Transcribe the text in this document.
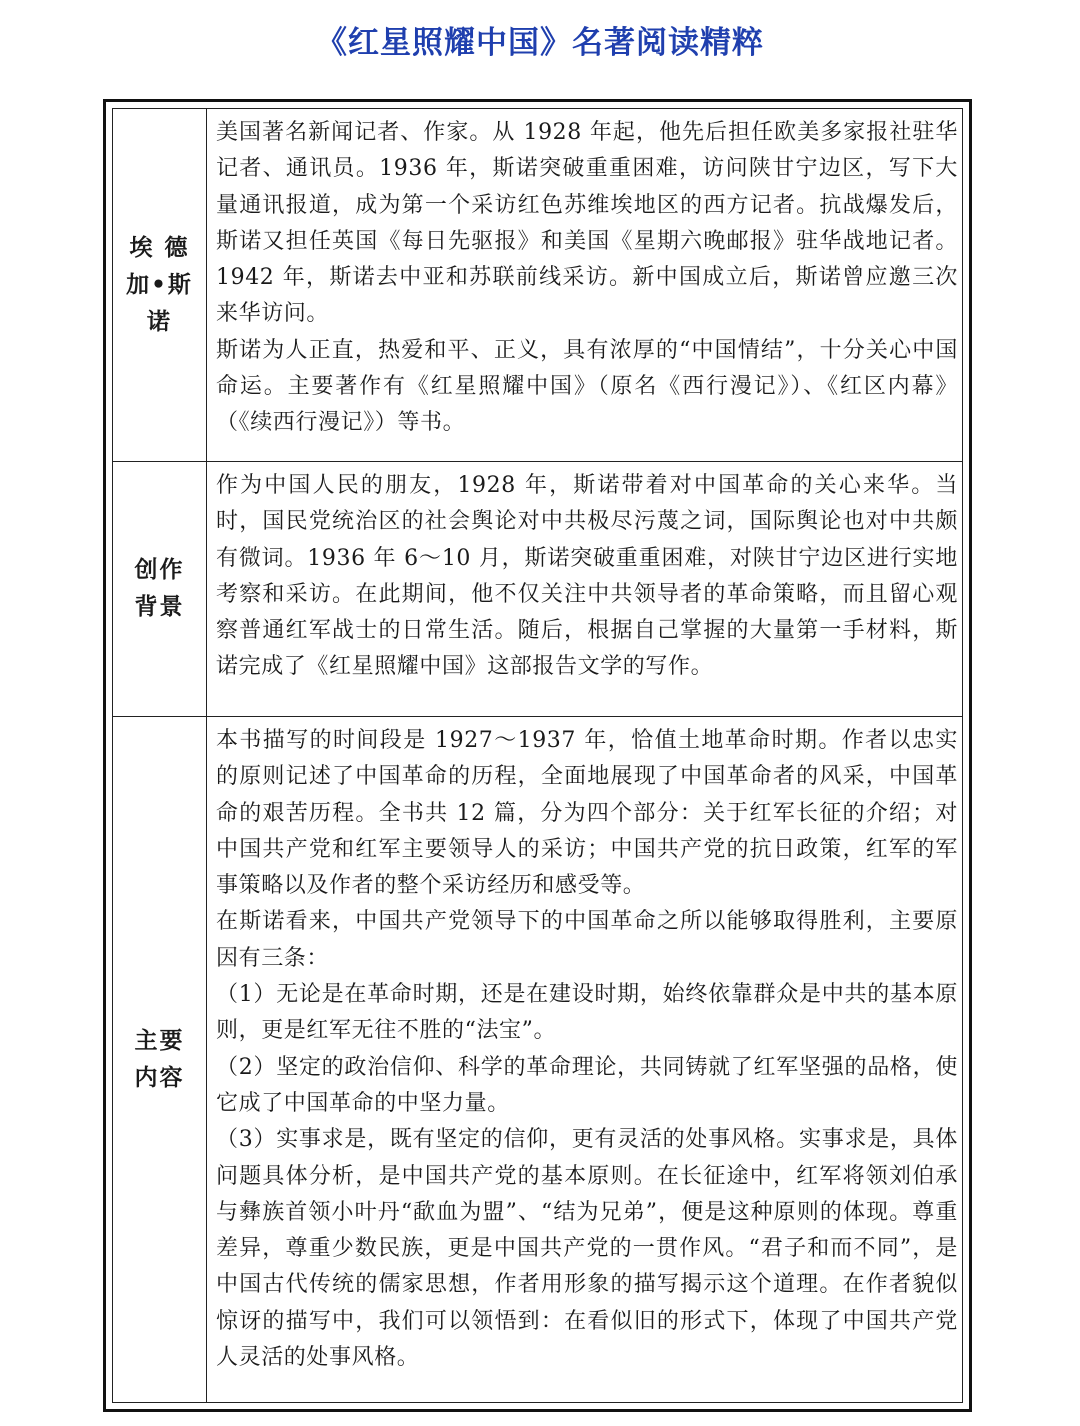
《红星照耀中国》名著阅读精粹
埃 德 加•斯 诺

美国著名新闻记者、作家。从 1928 年起，他先后担任欧美多家报社驻华记者、通讯员。1936 年，斯诺突破重重困难，访问陕甘宁边区，写下大量通讯报道，成为第一个采访红色苏维埃地区的西方记者。抗战爆发后，斯诺又担任英国《每日先驱报》和美国《星期六晚邮报》驻华战地记者。1942 年，斯诺去中亚和苏联前线采访。新中国成立后，斯诺曾应邀三次来华访问。

斯诺为人正直，热爱和平、正义，具有浓厚的“中国情结”，十分关心中国命运。主要著作有《红星照耀中国》（原名《西行漫记》）、《红区内幕》（《续西行漫记》）等书。

创作背景

作为中国人民的朋友，1928 年，斯诺带着对中国革命的关心来华。当时，国民党统治区的社会舆论对中共极尽污蔑之词，国际舆论也对中共颇有微词。1936 年 6～10 月，斯诺突破重重困难，对陕甘宁边区进行实地考察和采访。在此期间，他不仅关注中共领导者的革命策略，而且留心观察普通红军战士的日常生活。随后，根据自己掌握的大量第一手材料，斯诺完成了《红星照耀中国》这部报告文学的写作。

主要内容

本书描写的时间段是 1927～1937 年，恰值土地革命时期。作者以忠实的原则记述了中国革命的历程，全面地展现了中国革命者的风采，中国革命的艰苦历程。全书共 12 篇，分为四个部分：关于红军长征的介绍；对中国共产党和红军主要领导人的采访；中国共产党的抗日政策，红军的军事策略以及作者的整个采访经历和感受等。

在斯诺看来，中国共产党领导下的中国革命之所以能够取得胜利，主要原因有三条：

（1）无论是在革命时期，还是在建设时期，始终依靠群众是中共的基本原则，更是红军无往不胜的“法宝”。

（2）坚定的政治信仰、科学的革命理论，共同铸就了红军坚强的品格，使它成了中国革命的中坚力量。

（3）实事求是，既有坚定的信仰，更有灵活的处事风格。实事求是，具体问题具体分析，是中国共产党的基本原则。在长征途中，红军将领刘伯承与彝族首领小叶丹“歃血为盟”、“结为兄弟”，便是这种原则的体现。尊重差异，尊重少数民族，更是中国共产党的一贯作风。“君子和而不同”，是中国古代传统的儒家思想，作者用形象的描写揭示这个道理。在作者貌似惊讶的描写中，我们可以领悟到：在看似旧的形式下，体现了中国共产党人灵活的处事风格。
